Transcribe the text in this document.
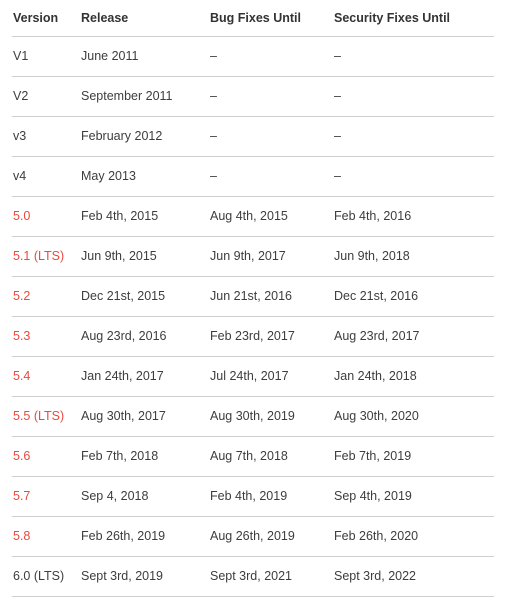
Version	Release	Bug Fixes Until	Security Fixes Until
V1	June 2011	–	–
V2	September 2011	–	–
v3	February 2012	–	–
v4	May 2013	–	–
5.0	Feb 4th, 2015	Aug 4th, 2015	Feb 4th, 2016
5.1 (LTS)	Jun 9th, 2015	Jun 9th, 2017	Jun 9th, 2018
5.2	Dec 21st, 2015	Jun 21st, 2016	Dec 21st, 2016
5.3	Aug 23rd, 2016	Feb 23rd, 2017	Aug 23rd, 2017
5.4	Jan 24th, 2017	Jul 24th, 2017	Jan 24th, 2018
5.5 (LTS)	Aug 30th, 2017	Aug 30th, 2019	Aug 30th, 2020
5.6	Feb 7th, 2018	Aug 7th, 2018	Feb 7th, 2019
5.7	Sep 4, 2018	Feb 4th, 2019	Sep 4th, 2019
5.8	Feb 26th, 2019	Aug 26th, 2019	Feb 26th, 2020
6.0 (LTS)	Sept 3rd, 2019	Sept 3rd, 2021	Sept 3rd, 2022
